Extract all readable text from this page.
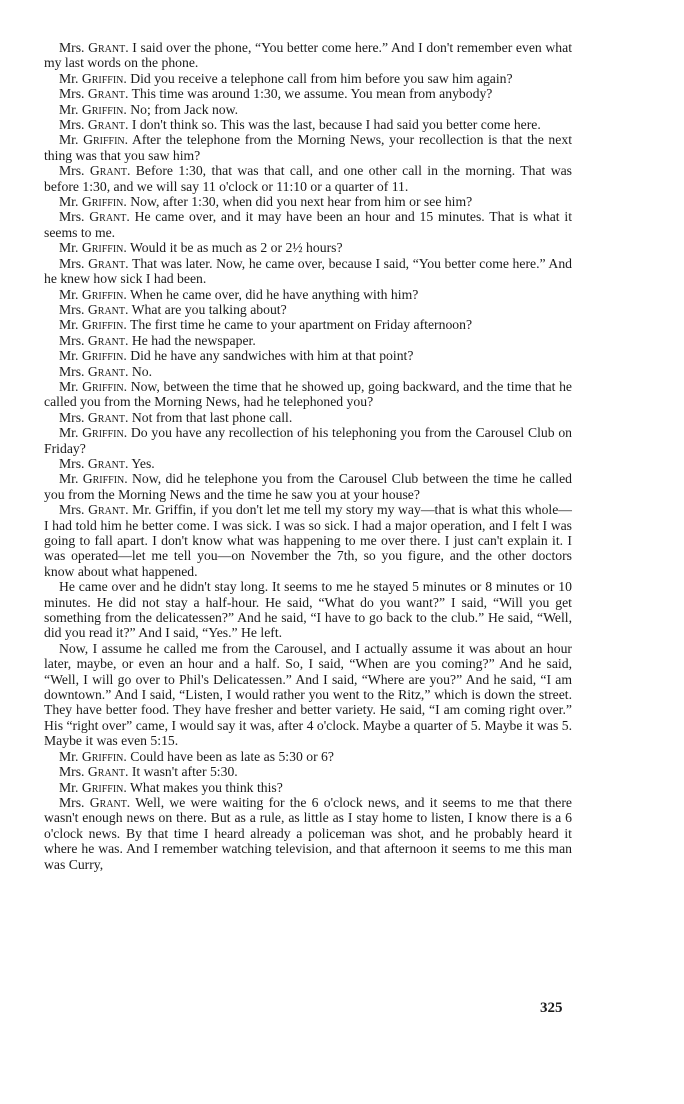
Mrs. Grant. I said over the phone, “You better come here.” And I don't remember even what my last words on the phone.

Mr. Griffin. Did you receive a telephone call from him before you saw him again?

Mrs. Grant. This time was around 1:30, we assume. You mean from anybody?

Mr. Griffin. No; from Jack now.

Mrs. Grant. I don't think so. This was the last, because I had said you better come here.

Mr. Griffin. After the telephone from the Morning News, your recollection is that the next thing was that you saw him?

Mrs. Grant. Before 1:30, that was that call, and one other call in the morning. That was before 1:30, and we will say 11 o'clock or 11:10 or a quarter of 11.

Mr. Griffin. Now, after 1:30, when did you next hear from him or see him?

Mrs. Grant. He came over, and it may have been an hour and 15 minutes. That is what it seems to me.

Mr. Griffin. Would it be as much as 2 or 2½ hours?

Mrs. Grant. That was later. Now, he came over, because I said, “You better come here.” And he knew how sick I had been.

Mr. Griffin. When he came over, did he have anything with him?

Mrs. Grant. What are you talking about?

Mr. Griffin. The first time he came to your apartment on Friday afternoon?

Mrs. Grant. He had the newspaper.

Mr. Griffin. Did he have any sandwiches with him at that point?

Mrs. Grant. No.

Mr. Griffin. Now, between the time that he showed up, going backward, and the time that he called you from the Morning News, had he telephoned you?

Mrs. Grant. Not from that last phone call.

Mr. Griffin. Do you have any recollection of his telephoning you from the Carousel Club on Friday?

Mrs. Grant. Yes.

Mr. Griffin. Now, did he telephone you from the Carousel Club between the time he called you from the Morning News and the time he saw you at your house?

Mrs. Grant. Mr. Griffin, if you don't let me tell my story my way—that is what this whole—I had told him he better come. I was sick. I was so sick. I had a major operation, and I felt I was going to fall apart. I don't know what was happening to me over there. I just can't explain it. I was operated—let me tell you—on November the 7th, so you figure, and the other doctors know about what happened.

He came over and he didn't stay long. It seems to me he stayed 5 minutes or 8 minutes or 10 minutes. He did not stay a half-hour. He said, “What do you want?” I said, “Will you get something from the delicatessen?” And he said, “I have to go back to the club.” He said, “Well, did you read it?” And I said, “Yes.” He left.

Now, I assume he called me from the Carousel, and I actually assume it was about an hour later, maybe, or even an hour and a half. So, I said, “When are you coming?” And he said, “Well, I will go over to Phil's Delicatessen.” And I said, “Where are you?” And he said, “I am downtown.” And I said, “Listen, I would rather you went to the Ritz,” which is down the street. They have better food. They have fresher and better variety. He said, “I am coming right over.” His “right over” came, I would say it was, after 4 o'clock. Maybe a quarter of 5. Maybe it was 5. Maybe it was even 5:15.

Mr. Griffin. Could have been as late as 5:30 or 6?

Mrs. Grant. It wasn't after 5:30.

Mr. Griffin. What makes you think this?

Mrs. Grant. Well, we were waiting for the 6 o'clock news, and it seems to me that there wasn't enough news on there. But as a rule, as little as I stay home to listen, I know there is a 6 o'clock news. By that time I heard already a policeman was shot, and he probably heard it where he was. And I remember watching television, and that afternoon it seems to me this man was Curry,

325
